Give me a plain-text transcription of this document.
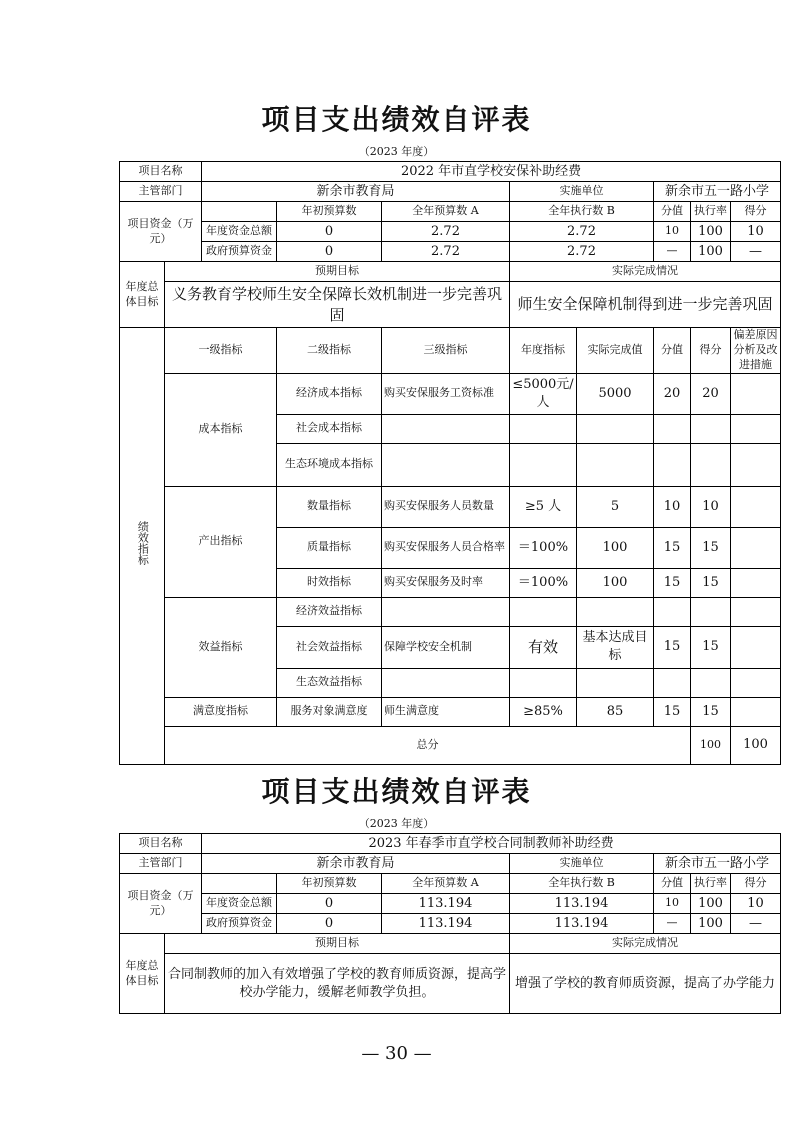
项目支出绩效自评表
（2023 年度）
项目名称		2022 年市直学校安保补助经费								
主管部门		新余市教育局			实施单位		新余市五一路小学			
项目资金（万元）			年初预算数	全年预算数 A	全年执行数 B		分值	执行率	得分	
		年度资金总额	0	2.72	2.72		10	100	10	
		政府预算资金	0	2.72	2.72		—	100	—	
年度总体目标	预期目标				实际完成情况					
	义务教育学校师生安全保障长效机制进一步完善巩固				师生安全保障机制得到进一步完善巩固					
绩效指标	一级指标		二级指标	三级指标	年度指标	实际完成值	分值	得分	偏差原因分析及改进措施	
	成本指标		经济成本指标	购买安保服务工资标准	≤5000元/人	5000	20	20		
			社会成本指标							
			生态环境成本指标							
	产出指标		数量指标	购买安保服务人员数量	≥5 人	5	10	10		
			质量指标	购买安保服务人员合格率	＝100%	100	15	15		
			时效指标	购买安保服务及时率	＝100%	100	15	15		
	效益指标		经济效益指标							
			社会效益指标	保障学校安全机制	有效	基本达成目标	15	15		
			生态效益指标							
	满意度指标		服务对象满意度	师生满意度	≥85%	85	15	15		
	总分							100	100	
项目支出绩效自评表
（2023 年度）
项目名称		2023 年春季市直学校合同制教师补助经费						
主管部门		新余市教育局			实施单位	新余市五一路小学		
项目资金（万元）			年初预算数	全年预算数 A	全年执行数 B	分值	执行率	得分
		年度资金总额	0	113.194	113.194	10	100	10
		政府预算资金	0	113.194	113.194	—	100	—
年度总体目标	预期目标				实际完成情况			
	合同制教师的加入有效增强了学校的教育师质资源，提高学校办学能力，缓解老师教学负担。				增强了学校的教育师质资源，提高了办学能力			
— 30 —
